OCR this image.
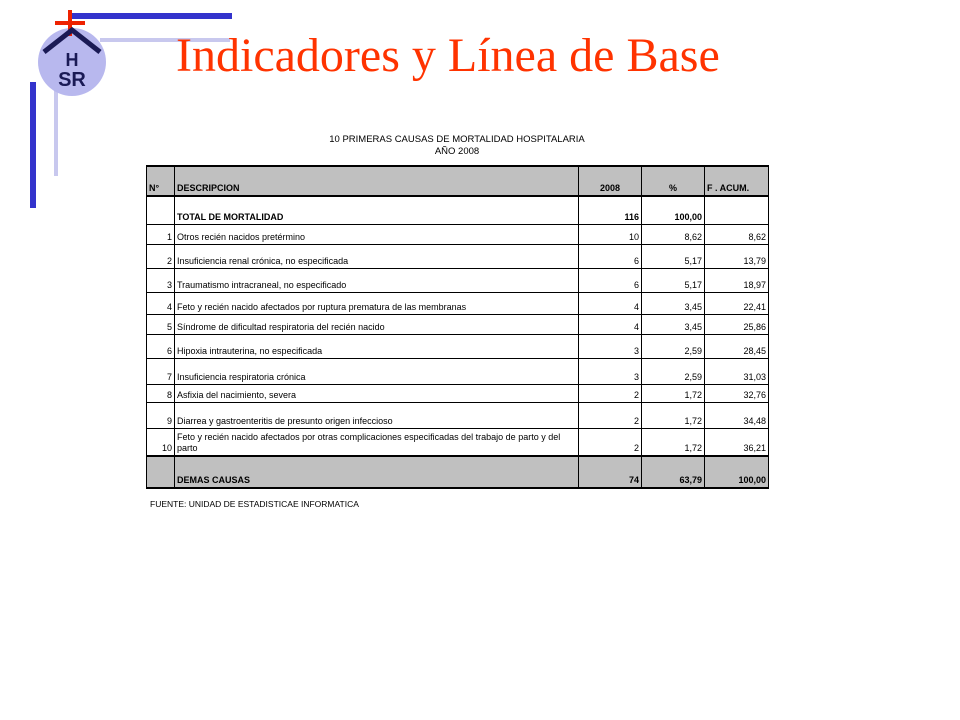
H
SR Indicadores y Línea de Base
10 PRIMERAS CAUSAS DE MORTALIDAD HOSPITALARIA
AÑO 2008
N°	DESCRIPCION	2008	%	F . ACUM.
	TOTAL DE MORTALIDAD	116	100,00	
1	Otros recién nacidos pretérmino	10	8,62	8,62
2	Insuficiencia renal crónica, no especificada	6	5,17	13,79
3	Traumatismo intracraneal, no especificado	6	5,17	18,97
4	Feto y recién nacido afectados por ruptura prematura de las membranas	4	3,45	22,41
5	Síndrome de dificultad respiratoria del recién nacido	4	3,45	25,86
6	Hipoxia intrauterina, no especificada	3	2,59	28,45
7	Insuficiencia respiratoria crónica	3	2,59	31,03
8	Asfixia del nacimiento, severa	2	1,72	32,76
9	Diarrea y gastroenteritis de presunto origen infeccioso	2	1,72	34,48
10	Feto y recién nacido afectados por otras complicaciones especificadas del trabajo de parto y del parto	2	1,72	36,21
	DEMAS CAUSAS	74	63,79	100,00
FUENTE: UNIDAD DE ESTADISTICAE INFORMATICA
